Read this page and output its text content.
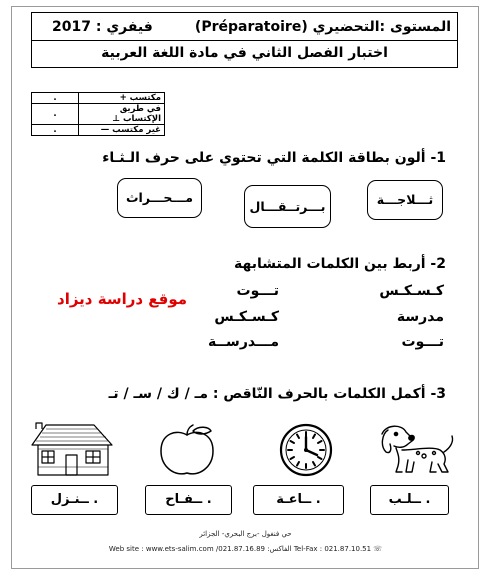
المستوى :التحضيري (Préparatoire)
فيفري : 2017
اختبار الفصل الثاني في مادة اللغة العربية
.	مكتسب +
.	في طريق الإكتساب ⊥
.	غير مكتسب —
1- ألون بطاقة الكلمة التي تحتوي على حرف الـثـاء
ثـــلاجـــة
بـــرتــقـــال
مـــحـــراث
2- أربط بين الكلمات المتشابهة
كـسـكـس
مدرسة
تـــوت
تـــوت
كـسـكـس
مـــدرســة
موقع دراسة ديزاد
3- أكمل الكلمات بالحرف النّاقص : مـ / ك / سـ / تـ
. ــلـب
. ــاعـة
. ــفـاح
. ــنـزل
حي فنغول -برج البحري- الجزائر
Web site : www.ets-salim.com /021.87.16.89 :الفاكس Tel-Fax : 021.87.10.51 ☏
